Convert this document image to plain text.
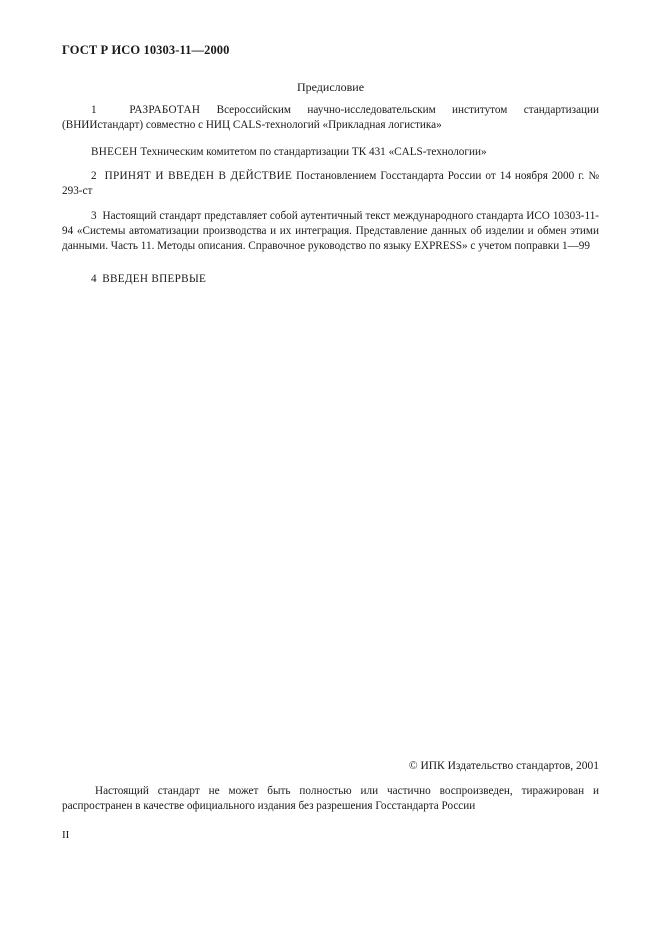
ГОСТ Р ИСО 10303-11—2000
Предисловие
1	РАЗРАБОТАН Всероссийским научно-исследовательским институтом стандартизации (ВНИИстандарт) совместно с НИЦ CALS-технологий «Прикладная логистика»
ВНЕСЕН Техническим комитетом по стандартизации ТК 431 «CALS-технологии»
2 ПРИНЯТ И ВВЕДЕН В ДЕЙСТВИЕ Постановлением Госстандарта России от 14 ноября 2000 г. № 293-ст
3 Настоящий стандарт представляет собой аутентичный текст международного стандарта ИСО 10303-11-94 «Системы автоматизации производства и их интеграция. Представление данных об изделии и обмен этими данными. Часть 11. Методы описания. Справочное руководство по языку EXPRESS» с учетом поправки 1—99
4 ВВЕДЕН ВПЕРВЫЕ
© ИПК Издательство стандартов, 2001
Настоящий стандарт не может быть полностью или частично воспроизведен, тиражирован и распространен в качестве официального издания без разрешения Госстандарта России
II
